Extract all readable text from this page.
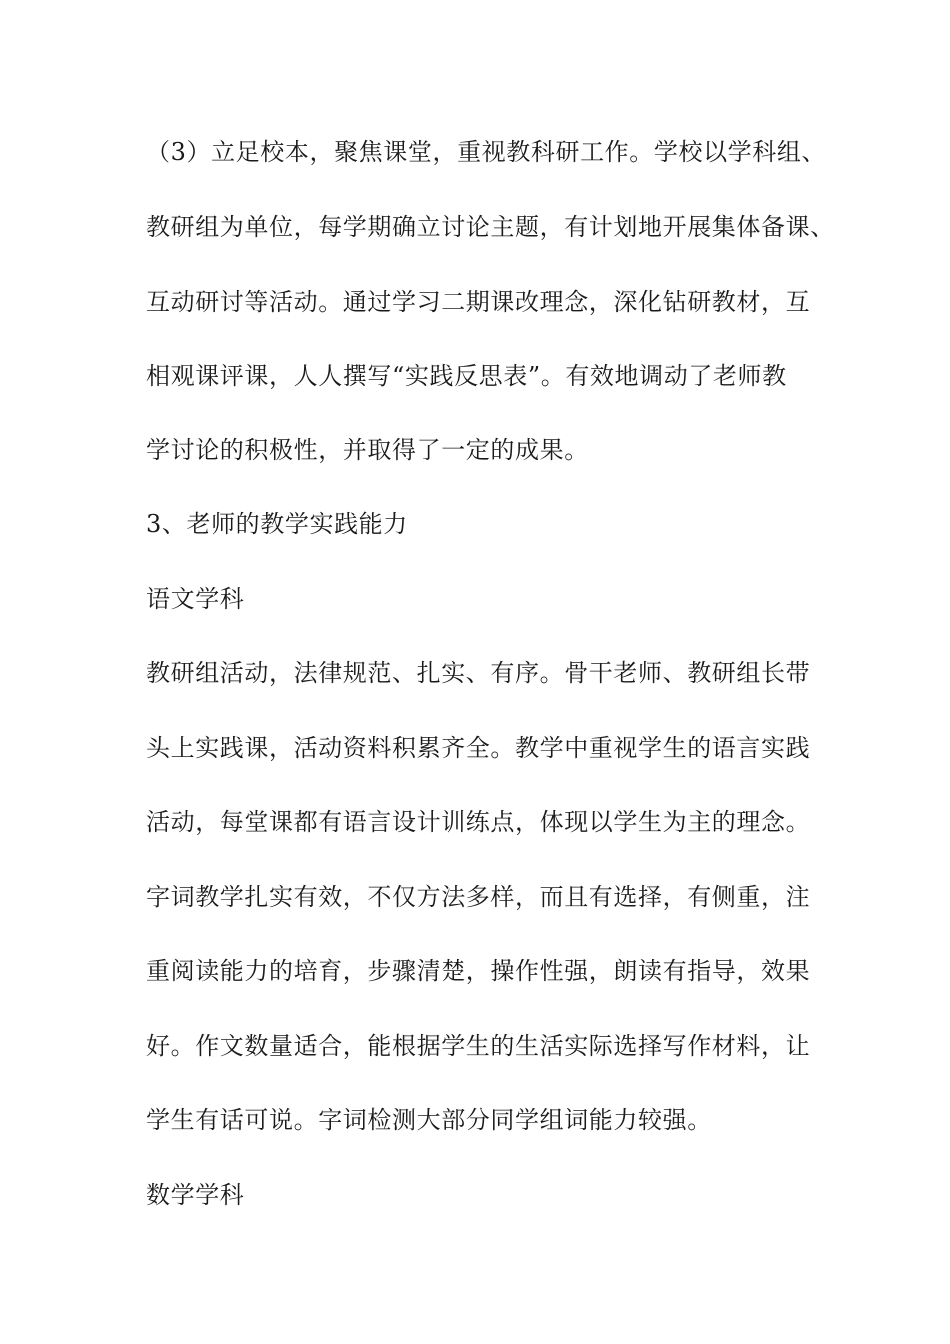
（3）立足校本，聚焦课堂，重视教科研工作。学校以学科组、
教研组为单位，每学期确立讨论主题，有计划地开展集体备课、
互动研讨等活动。通过学习二期课改理念，深化钻研教材，互
相观课评课，人人撰写“实践反思表”。有效地调动了老师教
学讨论的积极性，并取得了一定的成果。
3、老师的教学实践能力
语文学科
教研组活动，法律规范、扎实、有序。骨干老师、教研组长带
头上实践课，活动资料积累齐全。教学中重视学生的语言实践
活动，每堂课都有语言设计训练点，体现以学生为主的理念。
字词教学扎实有效，不仅方法多样，而且有选择，有侧重，注
重阅读能力的培育，步骤清楚，操作性强，朗读有指导，效果
好。作文数量适合，能根据学生的生活实际选择写作材料，让
学生有话可说。字词检测大部分同学组词能力较强。
数学学科
